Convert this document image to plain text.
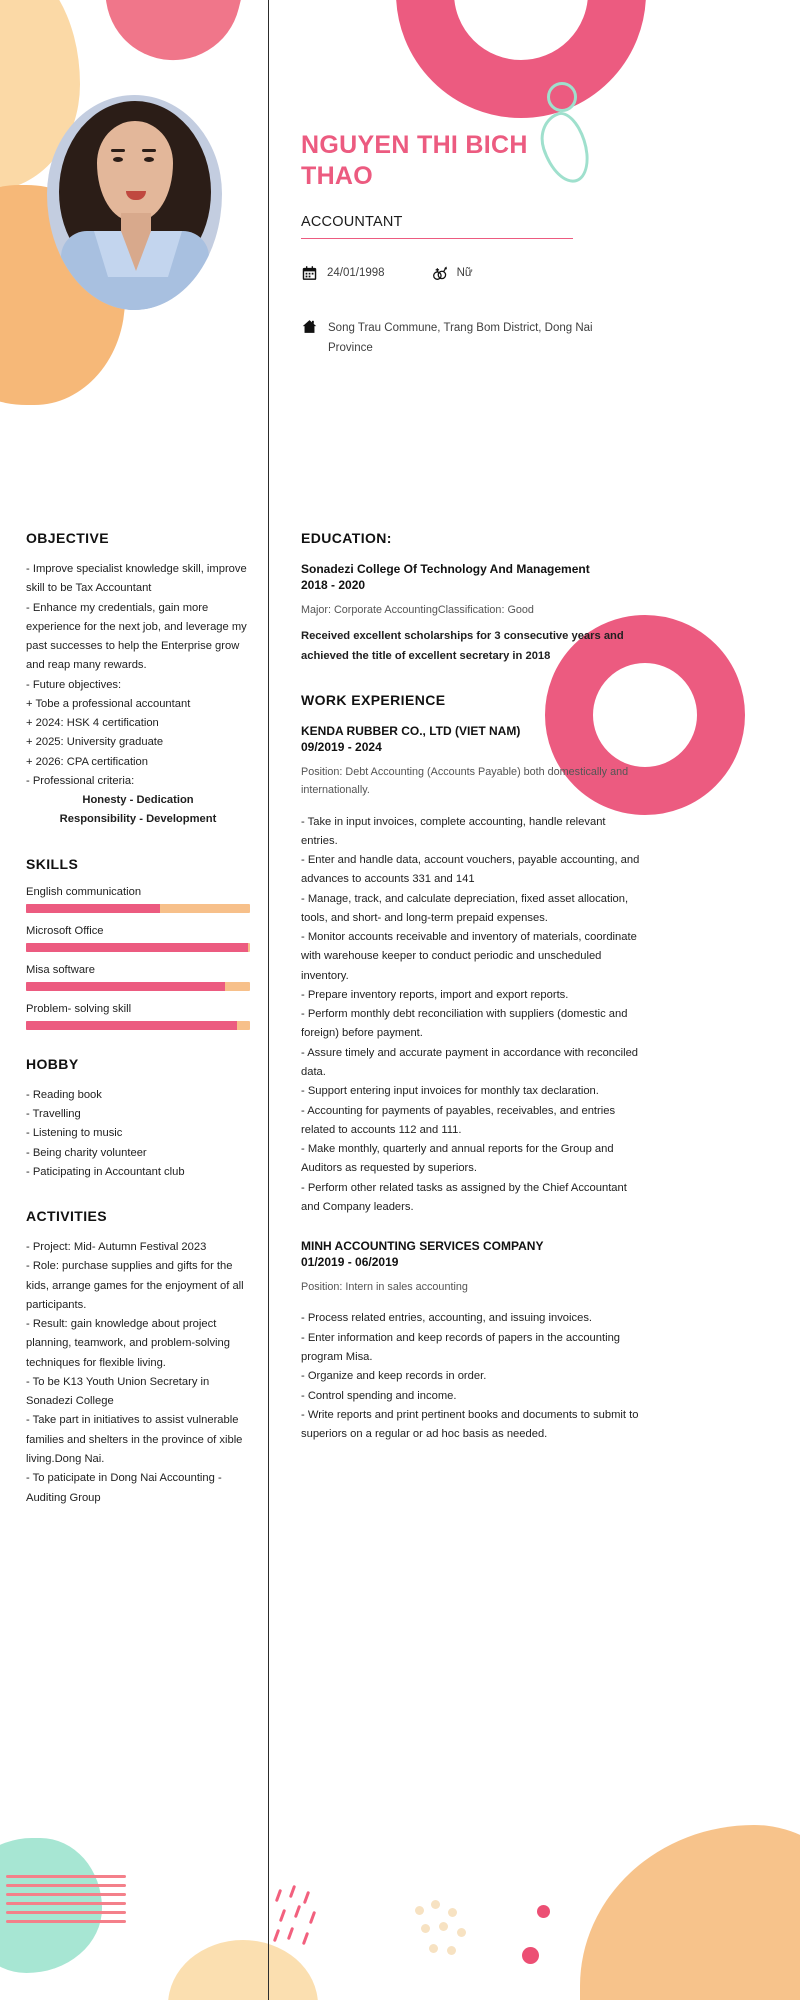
OBJECTIVE
- Improve specialist knowledge skill, improve skill to be Tax Accountant
- Enhance my credentials, gain more experience for the next job, and leverage my past successes to help the Enterprise grow and reap many rewards.
- Future objectives:
+ Tobe a professional accountant
+ 2024: HSK 4 certification
+ 2025: University graduate
+ 2026: CPA certification
- Professional criteria:
Honesty - Dedication
Responsibility - Development
SKILLS
English communication
Microsoft Office
Misa software
Problem- solving skill
HOBBY
- Reading book
- Travelling
- Listening to music
- Being charity volunteer
- Paticipating in Accountant club
ACTIVITIES
- Project: Mid- Autumn Festival 2023
- Role: purchase supplies and gifts for the kids, arrange games for the enjoyment of all participants.
- Result: gain knowledge about project planning, teamwork, and problem-solving techniques for flexible living.
- To be K13 Youth Union Secretary in Sonadezi College
- Take part in initiatives to assist vulnerable families and shelters in the province of xible living.Dong Nai.
- To paticipate in Dong Nai Accounting - Auditing Group
NGUYEN THI BICH THAO
ACCOUNTANT
24/01/1998	Nữ
Song Trau Commune, Trang Bom District, Dong Nai Province
EDUCATION:
Sonadezi College Of Technology And Management
2018 - 2020
Major: Corporate AccountingClassification: Good
Received excellent scholarships for 3 consecutive years and achieved the title of excellent secretary in 2018
WORK EXPERIENCE
KENDA RUBBER CO., LTD (VIET NAM)
09/2019 - 2024
Position: Debt Accounting (Accounts Payable) both domestically and internationally.
- Take in input invoices, complete accounting, handle relevant entries.
- Enter and handle data, account vouchers, payable accounting, and advances to accounts 331 and 141
- Manage, track, and calculate depreciation, fixed asset allocation, tools, and short- and long-term prepaid expenses.
- Monitor accounts receivable and inventory of materials, coordinate with warehouse keeper to conduct periodic and unscheduled inventory.
- Prepare inventory reports, import and export reports.
- Perform monthly debt reconciliation with suppliers (domestic and foreign) before payment.
- Assure timely and accurate payment in accordance with reconciled data.
- Support entering input invoices for monthly tax declaration.
- Accounting for payments of payables, receivables, and entries related to accounts 112 and 111.
- Make monthly, quarterly and annual reports for the Group and Auditors as requested by superiors.
- Perform other related tasks as assigned by the Chief Accountant and Company leaders.
MINH ACCOUNTING SERVICES COMPANY
01/2019 - 06/2019
Position: Intern in sales accounting
- Process related entries, accounting, and issuing invoices.
- Enter information and keep records of papers in the accounting program Misa.
- Organize and keep records in order.
- Control spending and income.
- Write reports and print pertinent books and documents to submit to superiors on a regular or ad hoc basis as needed.
